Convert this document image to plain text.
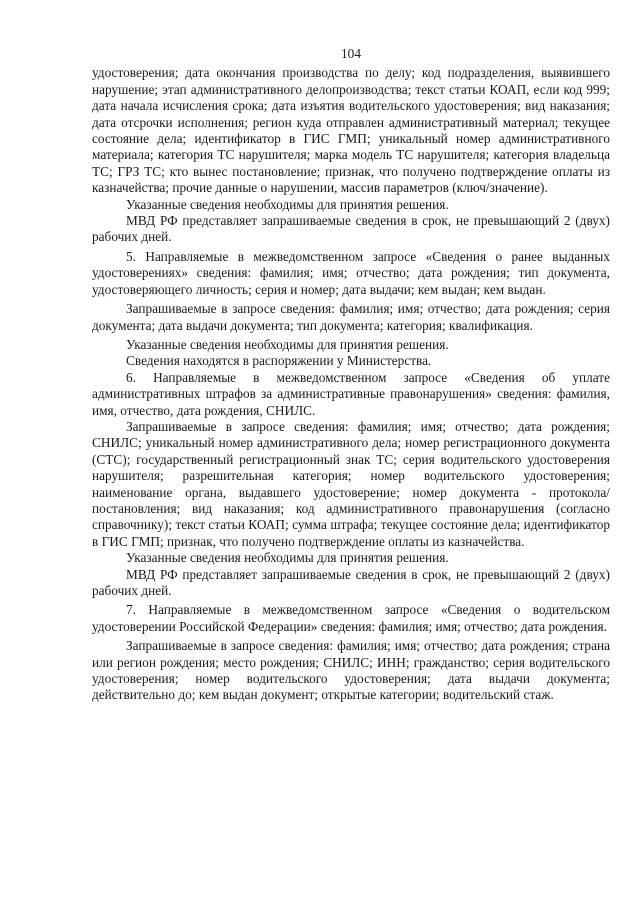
104

удостоверения; дата окончания производства по делу; код подразделения, выявившего нарушение; этап административного делопроизводства; текст статьи КОАП, если код 999; дата начала исчисления срока; дата изъятия водительского удостоверения; вид наказания; дата отсрочки исполнения; регион куда отправлен административный материал; текущее состояние дела; идентификатор в ГИС ГМП; уникальный номер административного материала; категория ТС нарушителя; марка модель ТС нарушителя; категория владельца ТС; ГРЗ ТС; кто вынес постановление; признак, что получено подтверждение оплаты из казначейства; прочие данные о нарушении, массив параметров (ключ/значение).

Указанные сведения необходимы для принятия решения.

МВД РФ представляет запрашиваемые сведения в срок, не превышающий 2 (двух) рабочих дней.

5. Направляемые в межведомственном запросе «Сведения о ранее выданных удостоверениях» сведения: фамилия; имя; отчество; дата рождения; тип документа, удостоверяющего личность; серия и номер; дата выдачи; кем выдан; кем выдан.

Запрашиваемые в запросе сведения: фамилия; имя; отчество; дата рождения; серия документа; дата выдачи документа; тип документа; категория; квалификация.

Указанные сведения необходимы для принятия решения.

Сведения находятся в распоряжении у Министерства.

6. Направляемые в межведомственном запросе «Сведения об уплате административных штрафов за административные правонарушения» сведения: фамилия, имя, отчество, дата рождения, СНИЛС.

Запрашиваемые в запросе сведения: фамилия; имя; отчество; дата рождения; СНИЛС; уникальный номер административного дела; номер регистрационного документа (СТС); государственный регистрационный знак ТС; серия водительского удостоверения нарушителя; разрешительная категория; номер водительского удостоверения; наименование органа, выдавшего удостоверение; номер документа - протокола/постановления; вид наказания; код административного правонарушения (согласно справочнику); текст статьи КОАП; сумма штрафа; текущее состояние дела; идентификатор в ГИС ГМП; признак, что получено подтверждение оплаты из казначейства.

Указанные сведения необходимы для принятия решения.

МВД РФ представляет запрашиваемые сведения в срок, не превышающий 2 (двух) рабочих дней.

7. Направляемые в межведомственном запросе «Сведения о водительском удостоверении Российской Федерации» сведения: фамилия; имя; отчество; дата рождения.

Запрашиваемые в запросе сведения: фамилия; имя; отчество; дата рождения; страна или регион рождения; место рождения; СНИЛС; ИНН; гражданство; серия водительского удостоверения; номер водительского удостоверения; дата выдачи документа; действительно до; кем выдан документ; открытые категории; водительский стаж.
